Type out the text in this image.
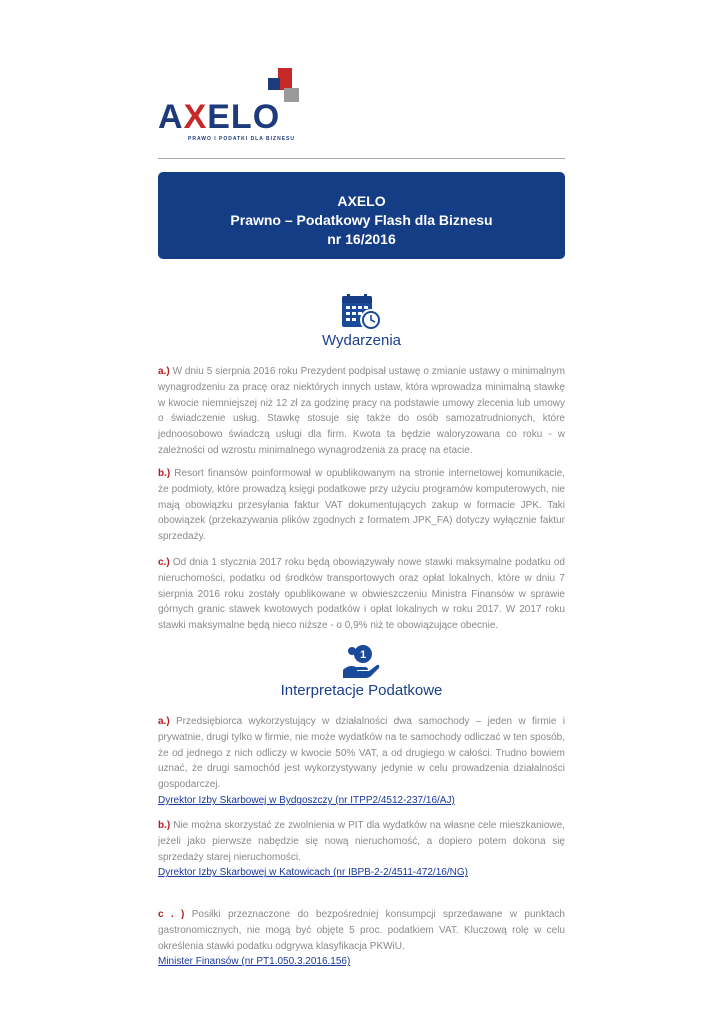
AXELO
PRAWO I PODATKI DLA BIZNESU
AXELO
Prawno – Podatkowy Flash dla Biznesu
nr 16/2016
Wydarzenia
a.) W dniu 5 sierpnia 2016 roku Prezydent podpisał ustawę o zmianie ustawy o minimalnym wynagrodzeniu za pracę oraz niektórych innych ustaw, która wprowadza minimalną stawkę w kwocie niemniejszej niż 12 zł za godzinę pracy na podstawie umowy zlecenia lub umowy o świadczenie usług. Stawkę stosuje się także do osób samozatrudnionych, które jednoosobowo świadczą usługi dla firm. Kwota ta będzie waloryzowana co roku - w zależności od wzrostu minimalnego wynagrodzenia za pracę na etacie.
b.) Resort finansów poinformował w opublikowanym na stronie internetowej komunikacie, że podmioty, które prowadzą księgi podatkowe przy użyciu programów komputerowych, nie mają obowiązku przesyłania faktur VAT dokumentujących zakup w formacie JPK. Taki obowiązek (przekazywania plików zgodnych z formatem JPK_FA) dotyczy wyłącznie faktur sprzedaży.
c.) Od dnia 1 stycznia 2017 roku będą obowiązywały nowe stawki maksymalne podatku od nieruchomości, podatku od środków transportowych oraz opłat lokalnych, które w dniu 7 sierpnia 2016 roku zostały opublikowane w obwieszczeniu Ministra Finansów w sprawie górnych granic stawek kwotowych podatków i opłat lokalnych w roku 2017. W 2017 roku stawki maksymalne będą nieco niższe - o 0,9% niż te obowiązujące obecnie.
1
Interpretacje Podatkowe
a.) Przedsiębiorca wykorzystujący w działalności dwa samochody – jeden w firmie i prywatnie, drugi tylko w firmie, nie może wydatków na te samochody odliczać w ten sposób, że od jednego z nich odliczy w kwocie 50% VAT, a od drugiego w całości. Trudno bowiem uznać, że drugi samochód jest wykorzystywany jedynie w celu prowadzenia działalności gospodarczej.
Dyrektor Izby Skarbowej w Bydgoszczy (nr ITPP2/4512-237/16/AJ)
b.) Nie można skorzystać ze zwolnienia w PIT dla wydatków na własne cele mieszkaniowe, jeżeli jako pierwsze nabędzie się nową nieruchomość, a dopiero potem dokona się sprzedaży starej nieruchomości.
Dyrektor Izby Skarbowej w Katowicach (nr IBPB-2-2/4511-472/16/NG)
c . ) Posiłki przeznaczone do bezpośredniej konsumpcji sprzedawane w punktach gastronomicznych, nie mogą być objęte 5 proc. podatkiem VAT. Kluczową rolę w celu określenia stawki podatku odgrywa klasyfikacja PKWiU.
Minister Finansów (nr PT1.050.3.2016.156)
